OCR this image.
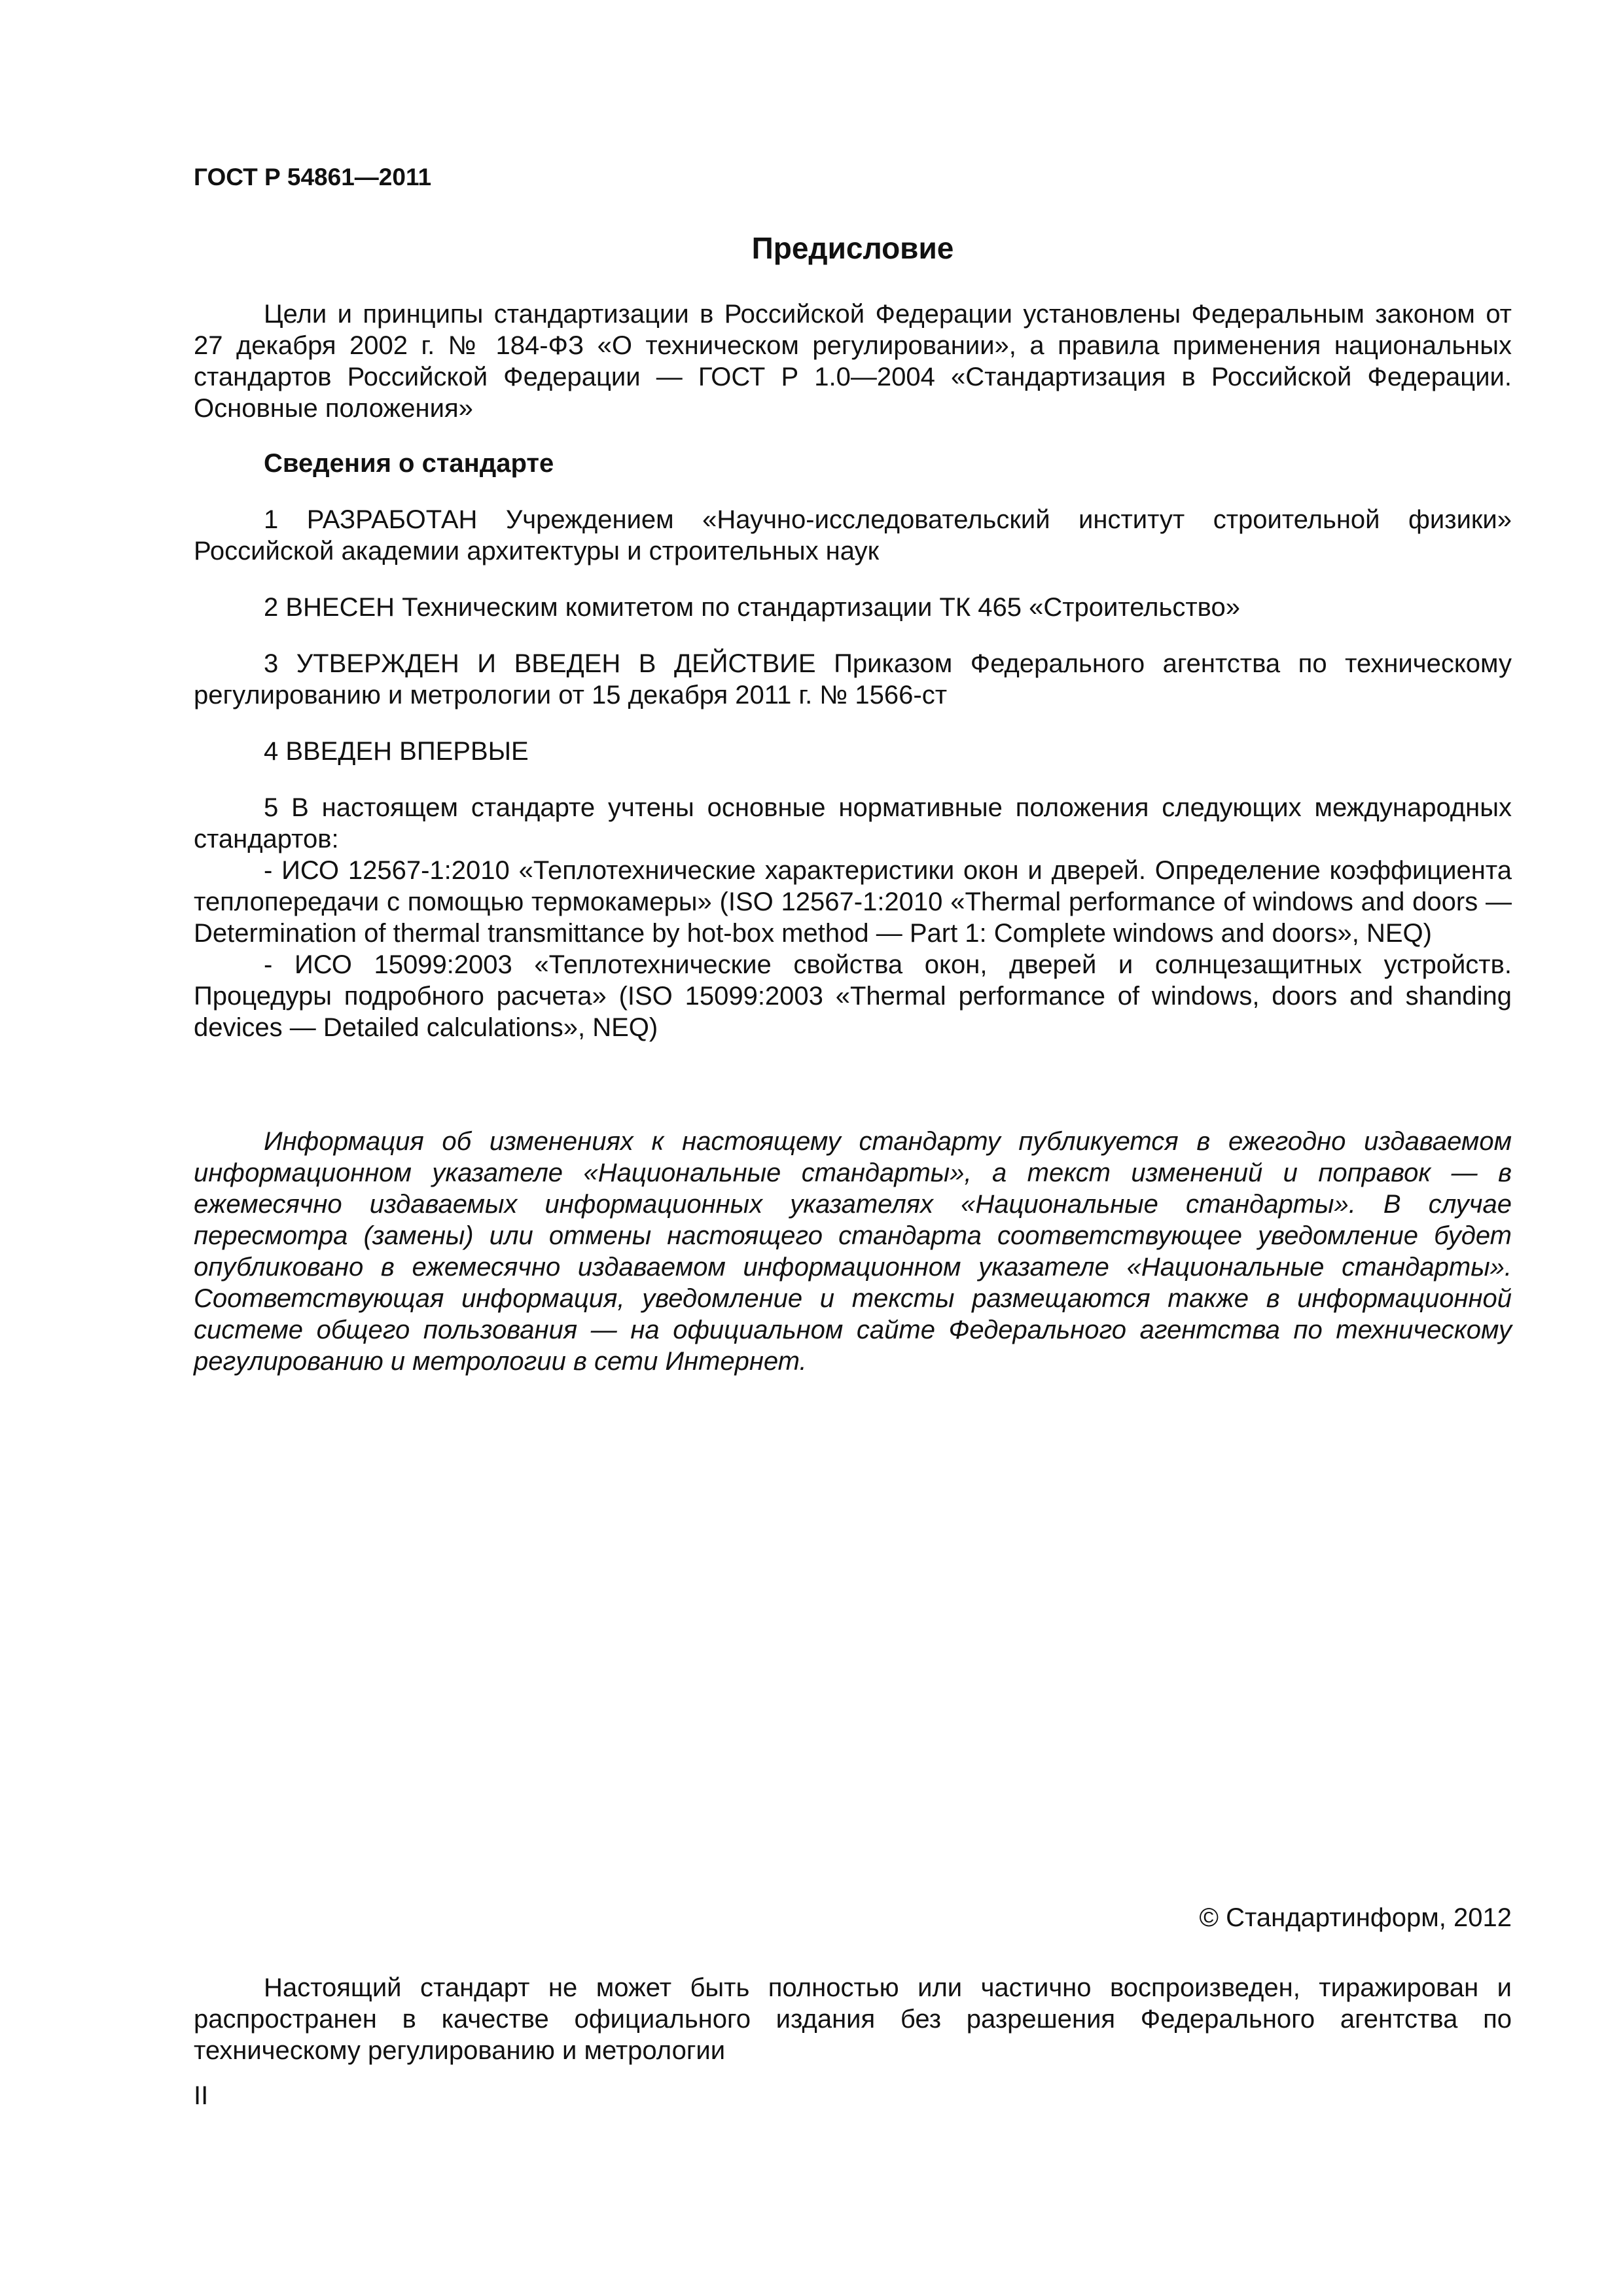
ГОСТ Р 54861—2011
Предисловие

Цели и принципы стандартизации в Российской Федерации установлены Федеральным законом от 27 декабря 2002 г. № 184-ФЗ «О техническом регулировании», а правила применения национальных стандартов Российской Федерации — ГОСТ Р 1.0—2004 «Стандартизация в Российской Федерации. Основные положения»

Сведения о стандарте

1 РАЗРАБОТАН Учреждением «Научно-исследовательский институт строительной физики» Российской академии архитектуры и строительных наук

2 ВНЕСЕН Техническим комитетом по стандартизации ТК 465 «Строительство»

3 УТВЕРЖДЕН И ВВЕДЕН В ДЕЙСТВИЕ Приказом Федерального агентства по техническому регулированию и метрологии от 15 декабря 2011 г. № 1566-ст

4 ВВЕДЕН ВПЕРВЫЕ

5 В настоящем стандарте учтены основные нормативные положения следующих международных стандартов:

- ИСО 12567-1:2010 «Теплотехнические характеристики окон и дверей. Определение коэффициента теплопередачи с помощью термокамеры» (ISO 12567-1:2010 «Thermal performance of windows and doors — Determination of thermal transmittance by hot-box method — Part 1: Complete windows and doors», NEQ)

- ИСО 15099:2003 «Теплотехнические свойства окон, дверей и солнцезащитных устройств. Процедуры подробного расчета» (ISO 15099:2003 «Thermal performance of windows, doors and shanding devices — Detailed calculations», NEQ)

Информация об изменениях к настоящему стандарту публикуется в ежегодно издаваемом информационном указателе «Национальные стандарты», а текст изменений и поправок — в ежемесячно издаваемых информационных указателях «Национальные стандарты». В случае пересмотра (замены) или отмены настоящего стандарта соответствующее уведомление будет опубликовано в ежемесячно издаваемом информационном указателе «Национальные стандарты». Соответствующая информация, уведомление и тексты размещаются также в информационной системе общего пользования — на официальном сайте Федерального агентства по техническому регулированию и метрологии в сети Интернет.

© Стандартинформ, 2012

Настоящий стандарт не может быть полностью или частично воспроизведен, тиражирован и распространен в качестве официального издания без разрешения Федерального агентства по техническому регулированию и метрологии

II
